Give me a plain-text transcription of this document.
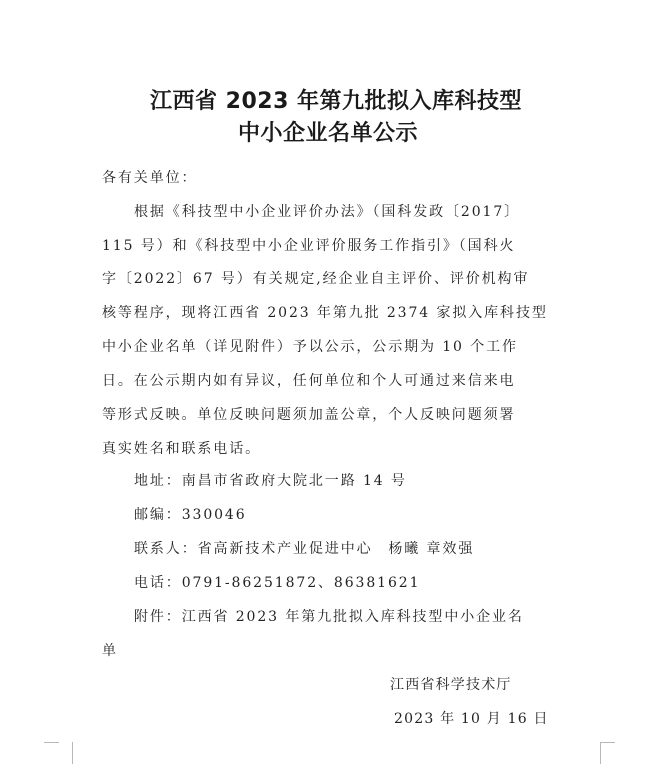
江西省 2023 年第九批拟入库科技型
中小企业名单公示
各有关单位：
根据《科技型中小企业评价办法》（国科发政〔2017〕
115 号）和《科技型中小企业评价服务工作指引》（国科火
字〔2022〕67 号）有关规定,经企业自主评价、评价机构审
核等程序，现将江西省 2023 年第九批 2374 家拟入库科技型
中小企业名单（详见附件）予以公示，公示期为 10 个工作
日。在公示期内如有异议，任何单位和个人可通过来信来电
等形式反映。单位反映问题须加盖公章，个人反映问题须署
真实姓名和联系电话。
地址：南昌市省政府大院北一路 14 号
邮编：330046
联系人：省高新技术产业促进中心　杨曦 章效强
电话：0791-86251872、86381621
附件：江西省 2023 年第九批拟入库科技型中小企业名
单
江西省科学技术厅
2023 年 10 月 16 日
